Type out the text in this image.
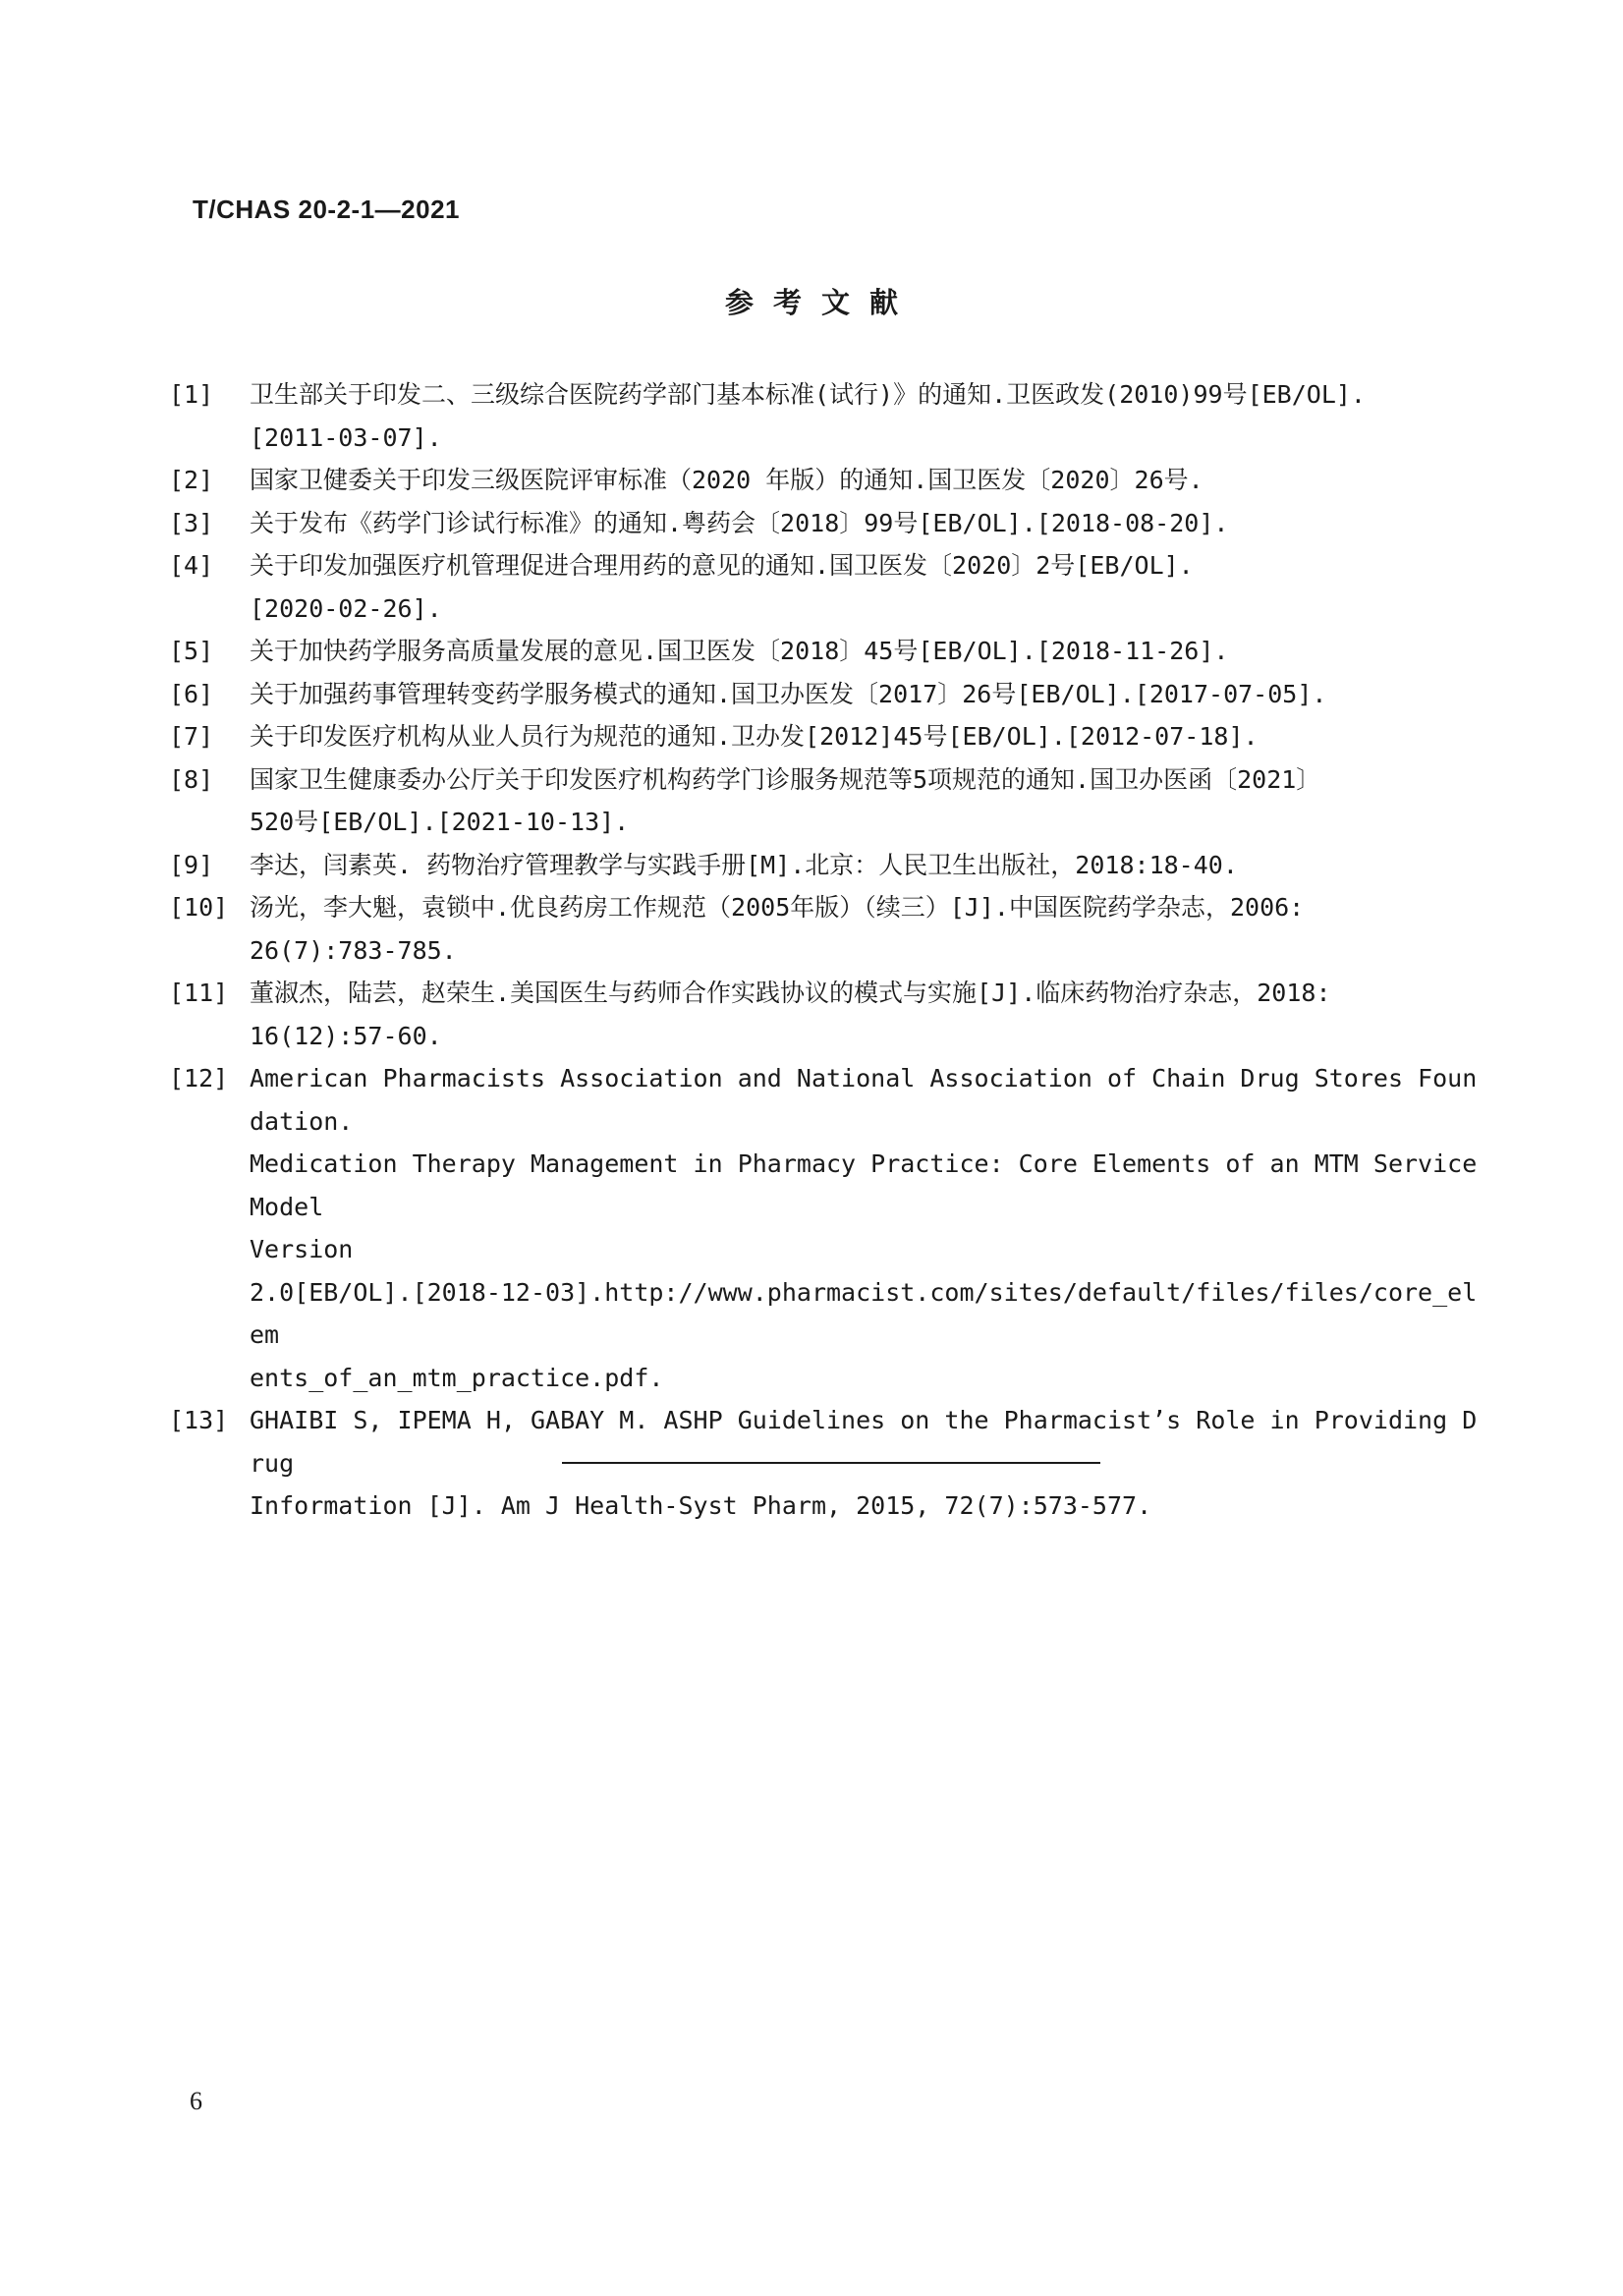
T/CHAS 20-2-1—2021
参考文献
[1]	卫生部关于印发二、三级综合医院药学部门基本标准(试行)》的通知.卫医政发(2010)99号[EB/OL].
[2011-03-07].
[2]	国家卫健委关于印发三级医院评审标准（2020 年版）的通知.国卫医发〔2020〕26号.
[3]	关于发布《药学门诊试行标准》的通知.粤药会〔2018〕99号[EB/OL].[2018-08-20].
[4]	关于印发加强医疗机管理促进合理用药的意见的通知.国卫医发〔2020〕2号[EB/OL].
[2020-02-26].
[5]	关于加快药学服务高质量发展的意见.国卫医发〔2018〕45号[EB/OL].[2018-11-26].
[6]	关于加强药事管理转变药学服务模式的通知.国卫办医发〔2017〕26号[EB/OL].[2017-07-05].
[7]	关于印发医疗机构从业人员行为规范的通知.卫办发[2012]45号[EB/OL].[2012-07-18].
[8]	国家卫生健康委办公厅关于印发医疗机构药学门诊服务规范等5项规范的通知.国卫办医函〔2021〕
520号[EB/OL].[2021-10-13].
[9]	李达，闫素英. 药物治疗管理教学与实践手册[M].北京：人民卫生出版社，2018:18-40.
[10] 汤光，李大魁，袁锁中.优良药房工作规范（2005年版）（续三）[J].中国医院药学杂志，2006:
26(7):783-785.
[11] 董淑杰，陆芸，赵荣生.美国医生与药师合作实践协议的模式与实施[J].临床药物治疗杂志，2018:
16(12):57-60.
[12] American Pharmacists Association and National Association of Chain Drug Stores Foundation.
Medication Therapy Management in Pharmacy Practice: Core Elements of an MTM Service Model
Version
2.0[EB/OL].[2018-12-03].http://www.pharmacist.com/sites/default/files/files/core_elem
ents_of_an_mtm_practice.pdf.
[13] GHAIBI S, IPEMA H, GABAY M. ASHP Guidelines on the Pharmacist’s Role in Providing Drug
Information [J]. Am J Health-Syst Pharm, 2015, 72(7):573-577.
6
